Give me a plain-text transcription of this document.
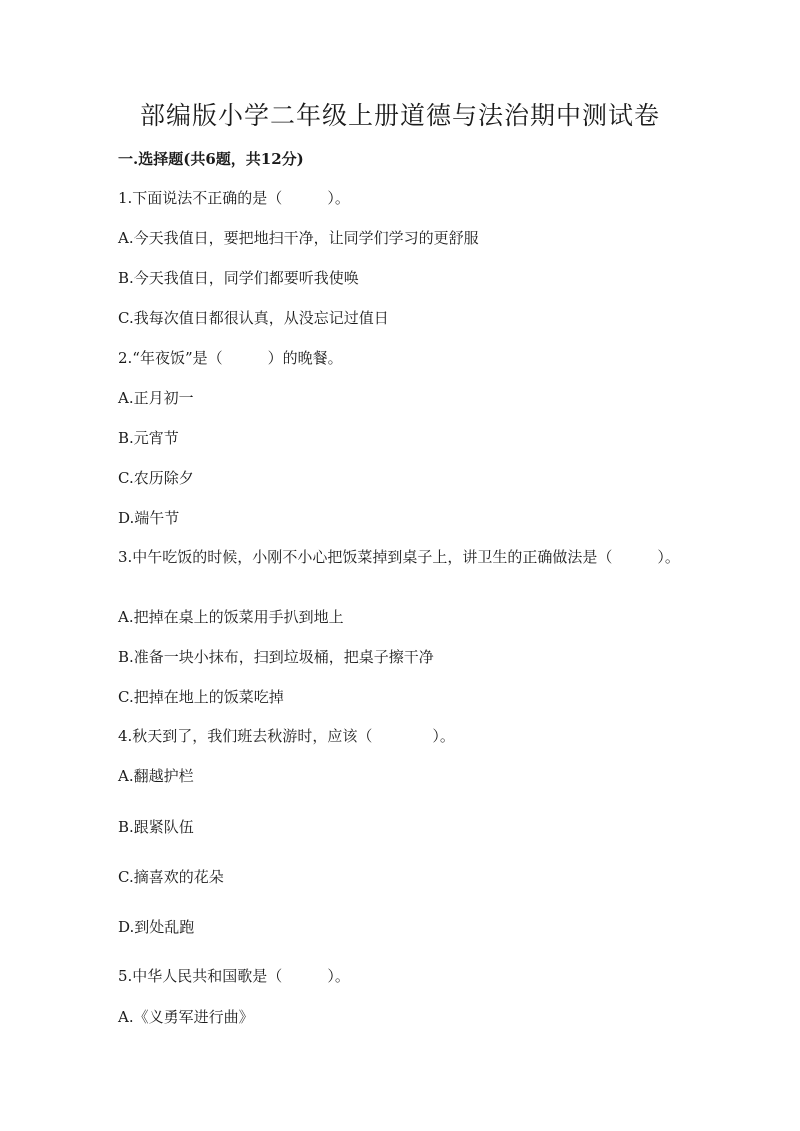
部编版小学二年级上册道德与法治期中测试卷
一.选择题(共6题，共12分)
1.下面说法不正确的是（　　　）。
A.今天我值日，要把地扫干净，让同学们学习的更舒服
B.今天我值日，同学们都要听我使唤
C.我每次值日都很认真，从没忘记过值日
2.“年夜饭”是（　　　）的晚餐。
A.正月初一
B.元宵节
C.农历除夕
D.端午节
3.中午吃饭的时候，小刚不小心把饭菜掉到桌子上，讲卫生的正确做法是（　　　）。
A.把掉在桌上的饭菜用手扒到地上
B.准备一块小抹布，扫到垃圾桶，把桌子擦干净
C.把掉在地上的饭菜吃掉
4.秋天到了，我们班去秋游时，应该（　　　　）。
A.翻越护栏
B.跟紧队伍
C.摘喜欢的花朵
D.到处乱跑
5.中华人民共和国歌是（　　　）。
A.《义勇军进行曲》
